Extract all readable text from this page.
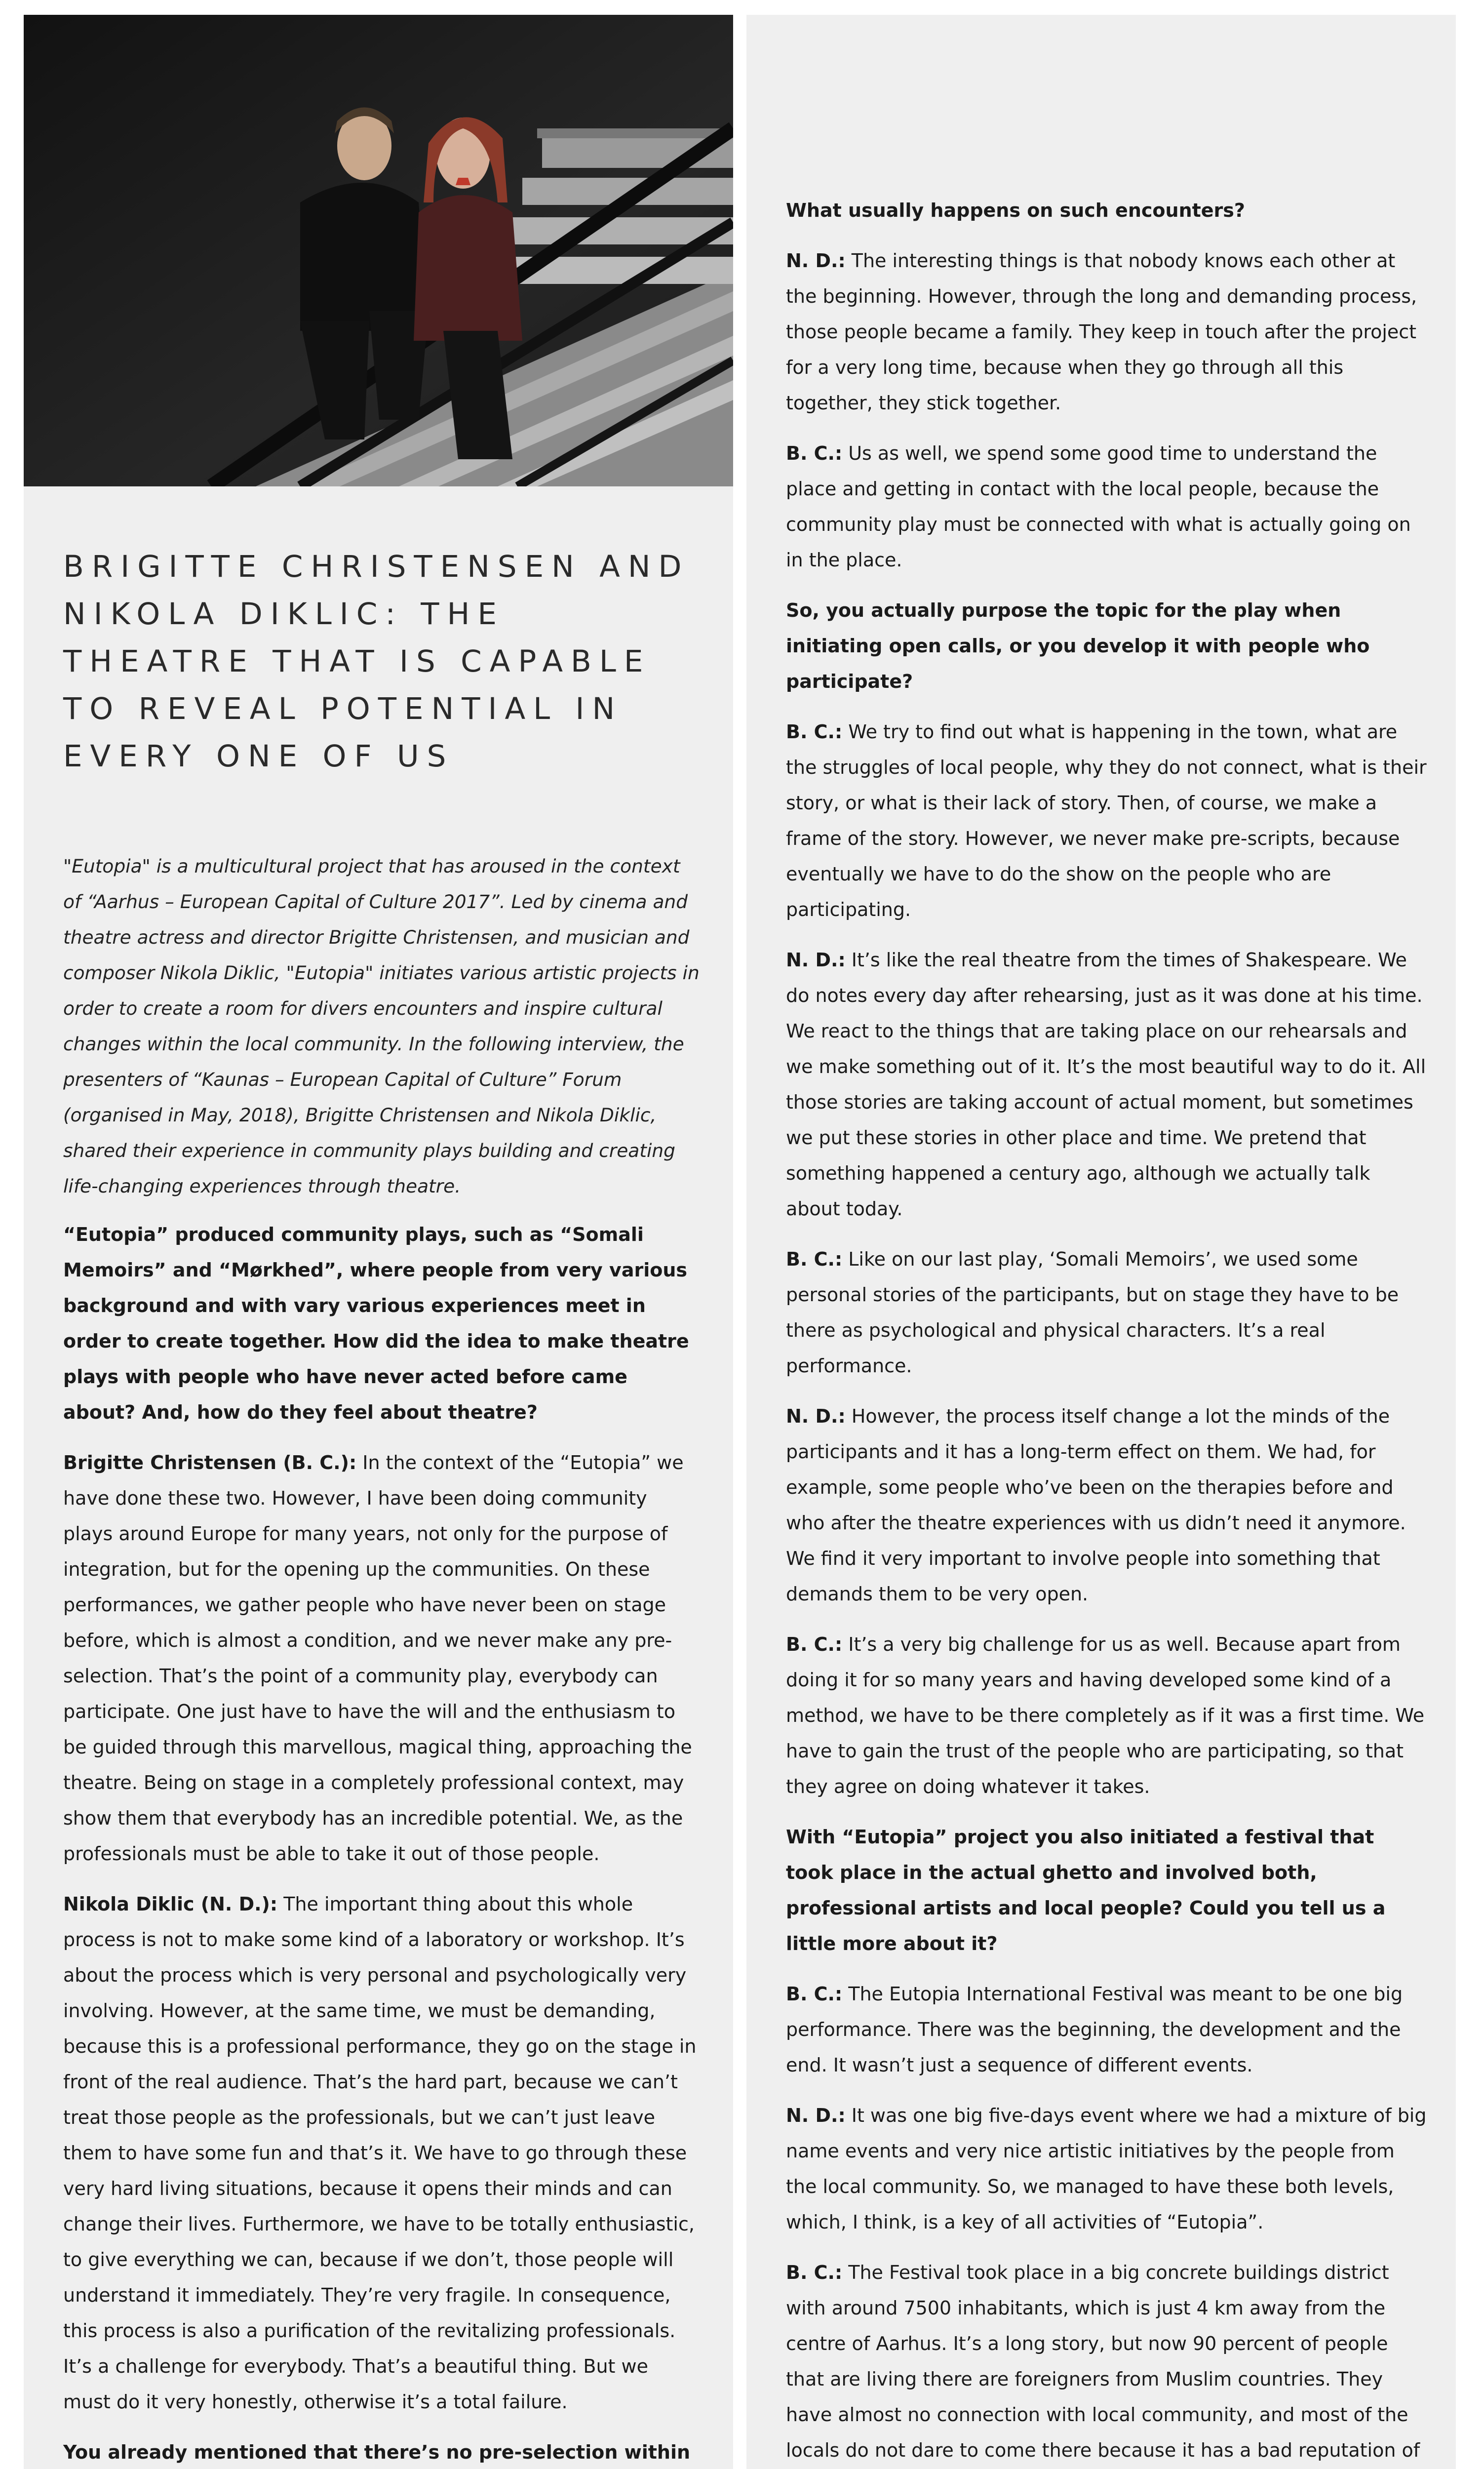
BRIGITTE CHRISTENSEN AND NIKOLA DIKLIC: THE THEATRE THAT IS CAPABLE TO REVEAL POTENTIAL IN EVERY ONE OF US

"Eutopia" is a multicultural project that has aroused in the context of “Aarhus – European Capital of Culture 2017”. Led by cinema and theatre actress and director Brigitte Christensen, and musician and composer Nikola Diklic, "Eutopia" initiates various artistic projects in order to create a room for divers encounters and inspire cultural changes within the local community. In the following interview, the presenters of “Kaunas – European Capital of Culture” Forum (organised in May, 2018), Brigitte Christensen and Nikola Diklic, shared their experience in community plays building and creating life-changing experiences through theatre.

“Eutopia” produced community plays, such as “Somali Memoirs” and “Mørkhed”, where people from very various background and with vary various experiences meet in order to create together. How did the idea to make theatre plays with people who have never acted before came about? And, how do they feel about theatre?

Brigitte Christensen (B. C.): In the context of the “Eutopia” we have done these two. However, I have been doing community plays around Europe for many years, not only for the purpose of integration, but for the opening up the communities. On these performances, we gather people who have never been on stage before, which is almost a condition, and we never make any pre-selection. That’s the point of a community play, everybody can participate. One just have to have the will and the enthusiasm to be guided through this marvellous, magical thing, approaching the theatre. Being on stage in a completely professional context, may show them that everybody has an incredible potential. We, as the professionals must be able to take it out of those people.

Nikola Diklic (N. D.): The important thing about this whole process is not to make some kind of a laboratory or workshop. It’s about the process which is very personal and psychologically very involving. However, at the same time, we must be demanding, because this is a professional performance, they go on the stage in front of the real audience. That’s the hard part, because we can’t treat those people as the professionals, but we can’t just leave them to have some fun and that’s it. We have to go through these very hard living situations, because it opens their minds and can change their lives. Furthermore, we have to be totally enthusiastic, to give everything we can, because if we don’t, those people will understand it immediately. They’re very fragile. In consequence, this process is also a purification of the revitalizing professionals. It’s a challenge for everybody. That’s a beautiful thing. But we must do it very honestly, otherwise it’s a total failure.

You already mentioned that there’s no pre-selection within

What usually happens on such encounters?

N. D.: The interesting things is that nobody knows each other at the beginning. However, through the long and demanding process, those people became a family. They keep in touch after the project for a very long time, because when they go through all this together, they stick together.

B. C.: Us as well, we spend some good time to understand the place and getting in contact with the local people, because the community play must be connected with what is actually going on in the place.

So, you actually purpose the topic for the play when initiating open calls, or you develop it with people who participate?

B. C.: We try to find out what is happening in the town, what are the struggles of local people, why they do not connect, what is their story, or what is their lack of story. Then, of course, we make a frame of the story. However, we never make pre-scripts, because eventually we have to do the show on the people who are participating.

N. D.: It’s like the real theatre from the times of Shakespeare. We do notes every day after rehearsing, just as it was done at his time. We react to the things that are taking place on our rehearsals and we make something out of it. It’s the most beautiful way to do it. All those stories are taking account of actual moment, but sometimes we put these stories in other place and time. We pretend that something happened a century ago, although we actually talk about today.

B. C.: Like on our last play, ‘Somali Memoirs’, we used some personal stories of the participants, but on stage they have to be there as psychological and physical characters. It’s a real performance.

N. D.: However, the process itself change a lot the minds of the participants and it has a long-term effect on them. We had, for example, some people who’ve been on the therapies before and who after the theatre experiences with us didn’t need it anymore. We find it very important to involve people into something that demands them to be very open.

B. C.: It’s a very big challenge for us as well. Because apart from doing it for so many years and having developed some kind of a method, we have to be there completely as if it was a first time. We have to gain the trust of the people who are participating, so that they agree on doing whatever it takes.

With “Eutopia” project you also initiated a festival that took place in the actual ghetto and involved both, professional artists and local people? Could you tell us a little more about it?

B. C.: The Eutopia International Festival was meant to be one big performance. There was the beginning, the development and the end. It wasn’t just a sequence of different events.

N. D.: It was one big five-days event where we had a mixture of big name events and very nice artistic initiatives by the people from the local community. So, we managed to have these both levels, which, I think, is a key of all activities of “Eutopia”.

B. C.: The Festival took place in a big concrete buildings district with around 7500 inhabitants, which is just 4 km away from the centre of Aarhus. It’s a long story, but now 90 percent of people that are living there are foreigners from Muslim countries. They have almost no connection with local community, and most of the locals do not dare to come there because it has a bad reputation of
